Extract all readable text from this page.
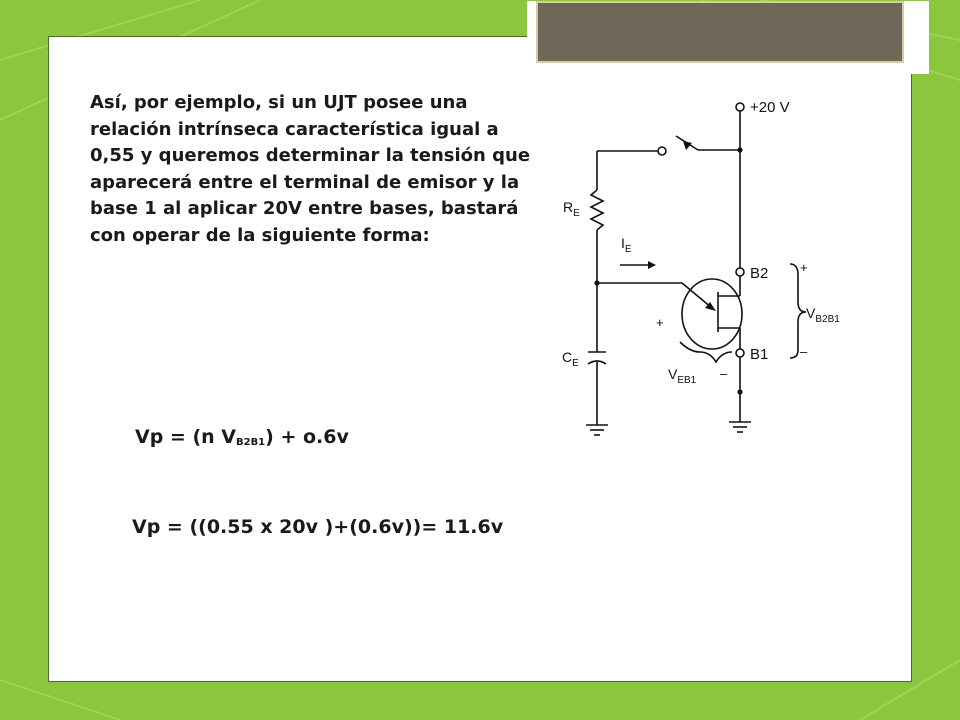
Así, por ejemplo, si un UJT posee una relación intrínseca característica igual a 0,55 y queremos determinar la tensión que aparecerá entre el terminal de emisor y la base 1 al aplicar 20V entre bases, bastará con operar de la siguiente forma:

Vp = (n $V_{B2B1}) + o.6v$
Vp = ((0.55 x 20v )+(0.6v))= 11.6v
+20 V
$R_E$
$I_E$
B2
B1
$C_E$
$V_{B2B1}$
$V_{EB1}$
+
–
+
–
